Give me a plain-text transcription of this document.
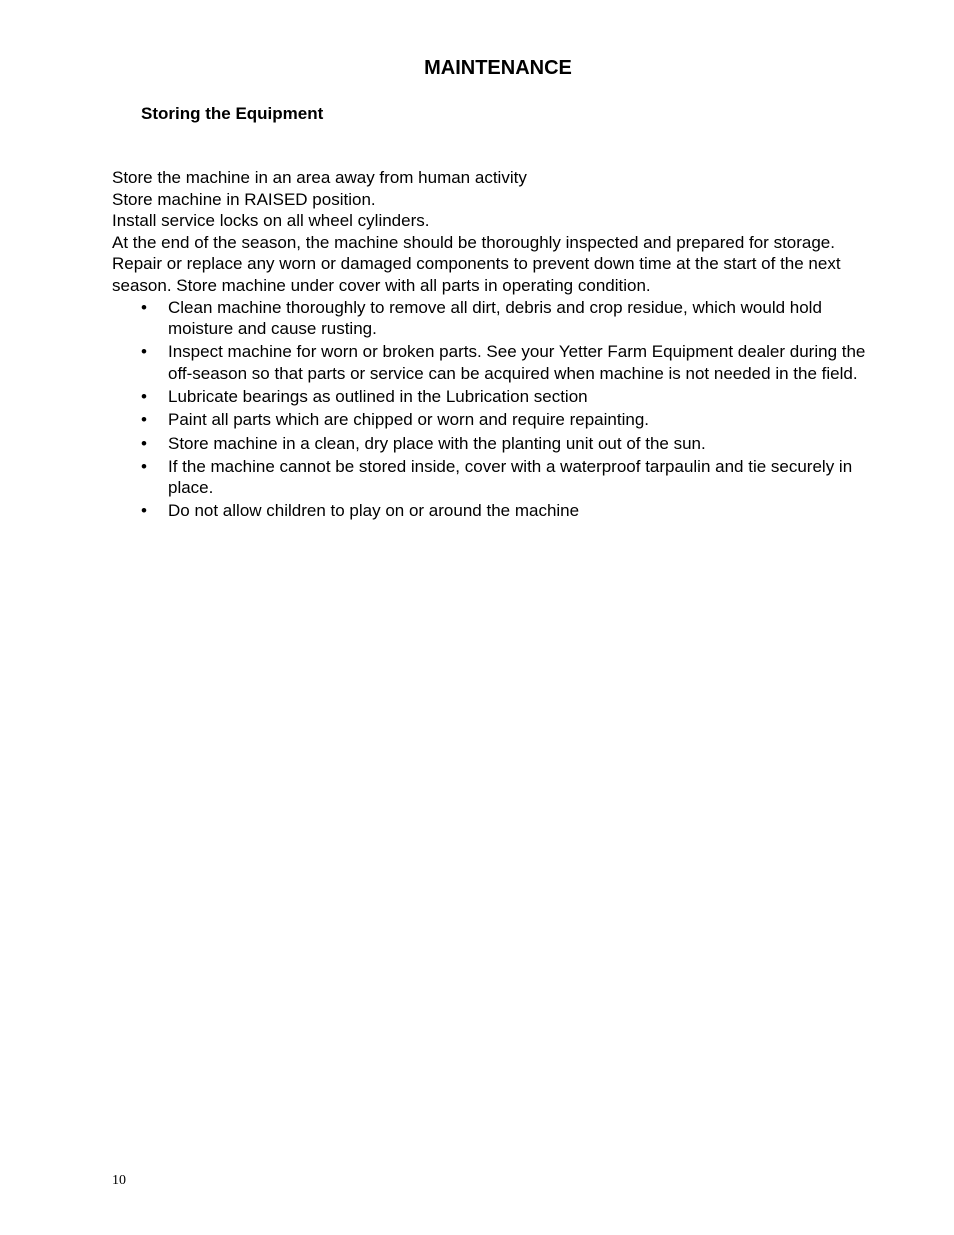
MAINTENANCE
Storing the Equipment

Store the machine in an area away from human activity

Store machine in RAISED position.

Install service locks on all wheel cylinders.

At the end of the season, the machine should be thoroughly inspected and prepared for storage. Repair or replace any worn or damaged components to prevent down time at the start of the next season. Store machine under cover with all parts in operating condition.

• Clean machine thoroughly to remove all dirt, debris and crop residue, which would hold moisture and cause rusting.
• Inspect machine for worn or broken parts. See your Yetter Farm Equipment dealer during the off-season so that parts or service can be acquired when machine is not needed in the field.
• Lubricate bearings as outlined in the Lubrication section
• Paint all parts which are chipped or worn and require repainting.
• Store machine in a clean, dry place with the planting unit out of the sun.
• If the machine cannot be stored inside, cover with a waterproof tarpaulin and tie securely in place.
• Do not allow children to play on or around the machine

10
